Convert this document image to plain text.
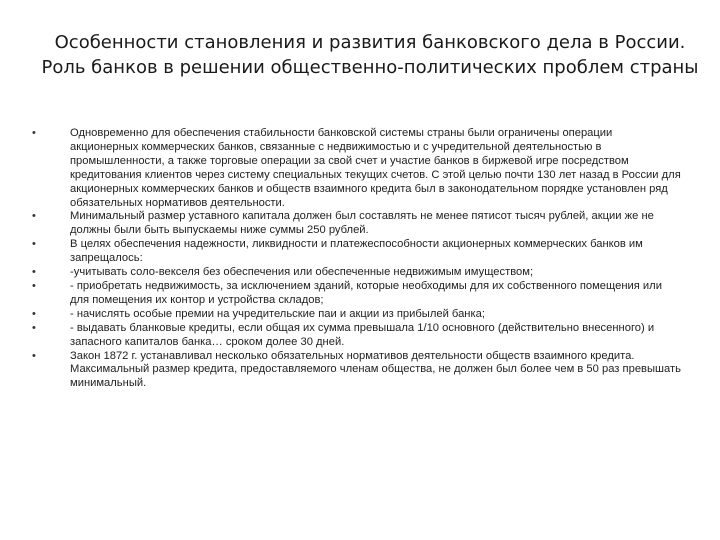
Особенности становления и развития банковского дела в России. Роль банков в решении общественно-политических проблем страны
•	Одновременно для обеспечения стабильности банковской системы страны были ограничены операции акционерных коммерческих банков, связанные с недвижимостью и с учредительной деятельностью в промышленности, а также торговые операции за свой счет и участие банков в биржевой игре посредством кредитования клиентов через систему специальных текущих счетов. С этой целью почти 130 лет назад в России для акционерных коммерческих банков и обществ взаимного кредита был в законодательном порядке установлен ряд обязательных нормативов деятельности.
•	Минимальный размер уставного капитала должен был составлять не менее пятисот тысяч рублей, акции же не должны были быть выпускаемы ниже суммы 250 рублей.
•	В целях обеспечения надежности, ликвидности и платежеспособности акционерных коммерческих банков им запрещалось:
•	-учитывать соло-векселя без обеспечения или обеспеченные недвижимым имуществом;
•	- приобретать недвижимость, за исключением зданий, которые необходимы для их собственного помещения или для помещения их контор и устройства складов;
•	- начислять особые премии на учредительские паи и акции из прибылей банка;
•	- выдавать бланковые кредиты, если общая их сумма превышала 1/10 основного (действительно внесенного) и запасного капиталов банка… сроком долее 30 дней.
•	Закон 1872 г. устанавливал несколько обязательных нормативов деятельности обществ взаимного кредита. Максимальный размер кредита, предоставляемого членам общества, не должен был более чем в 50 раз превышать минимальный.
